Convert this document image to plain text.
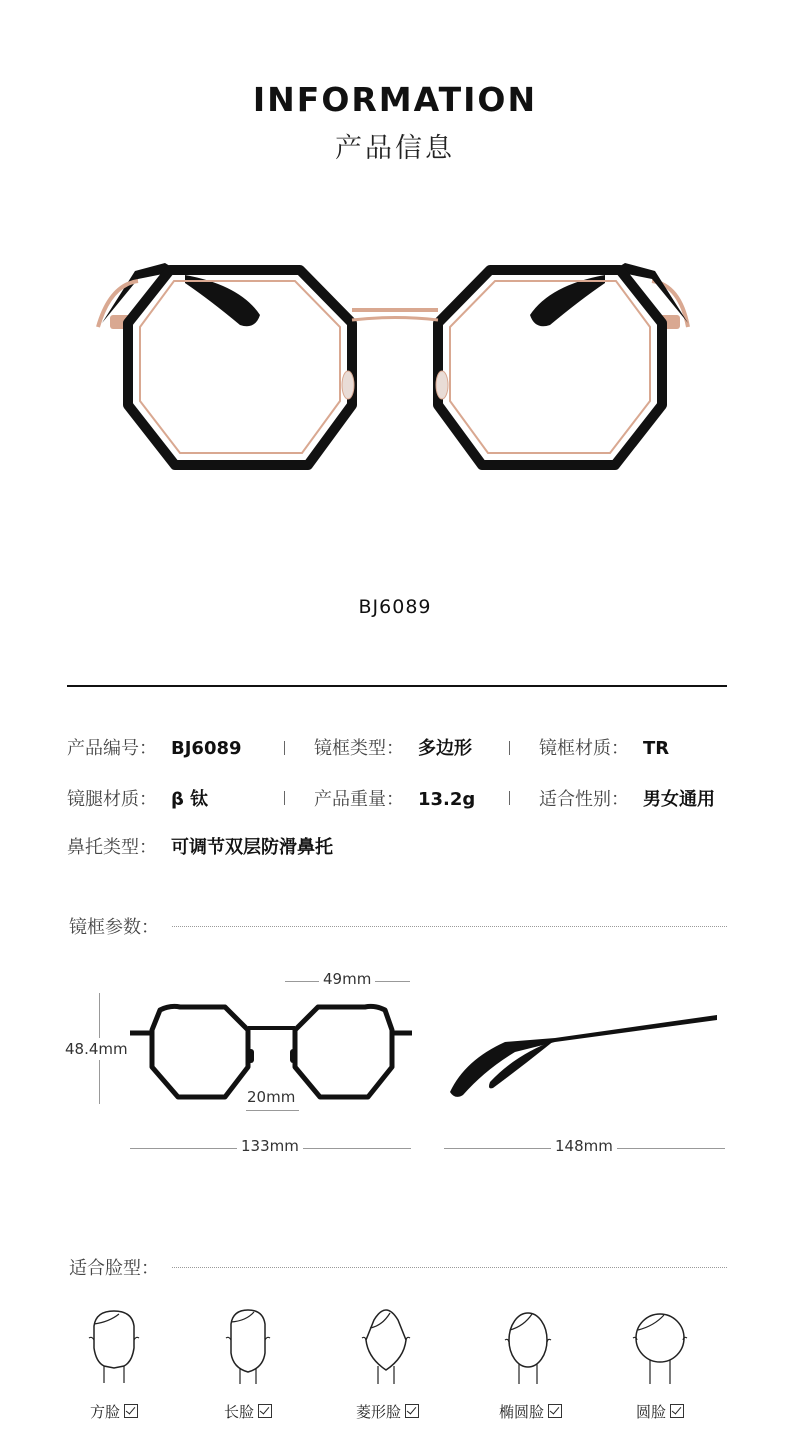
INFORMATION
产品信息
BJ6089
产品编号： BJ6089	镜框类型： 多边形	镜框材质： TR
镜腿材质： β 钛	产品重量： 13.2g	适合性别： 男女通用
鼻托类型： 可调节双层防滑鼻托
镜框参数：
49mm
48.4mm
20mm
133mm	148mm
适合脸型：
方脸	长脸	菱形脸	椭圆脸	圆脸
